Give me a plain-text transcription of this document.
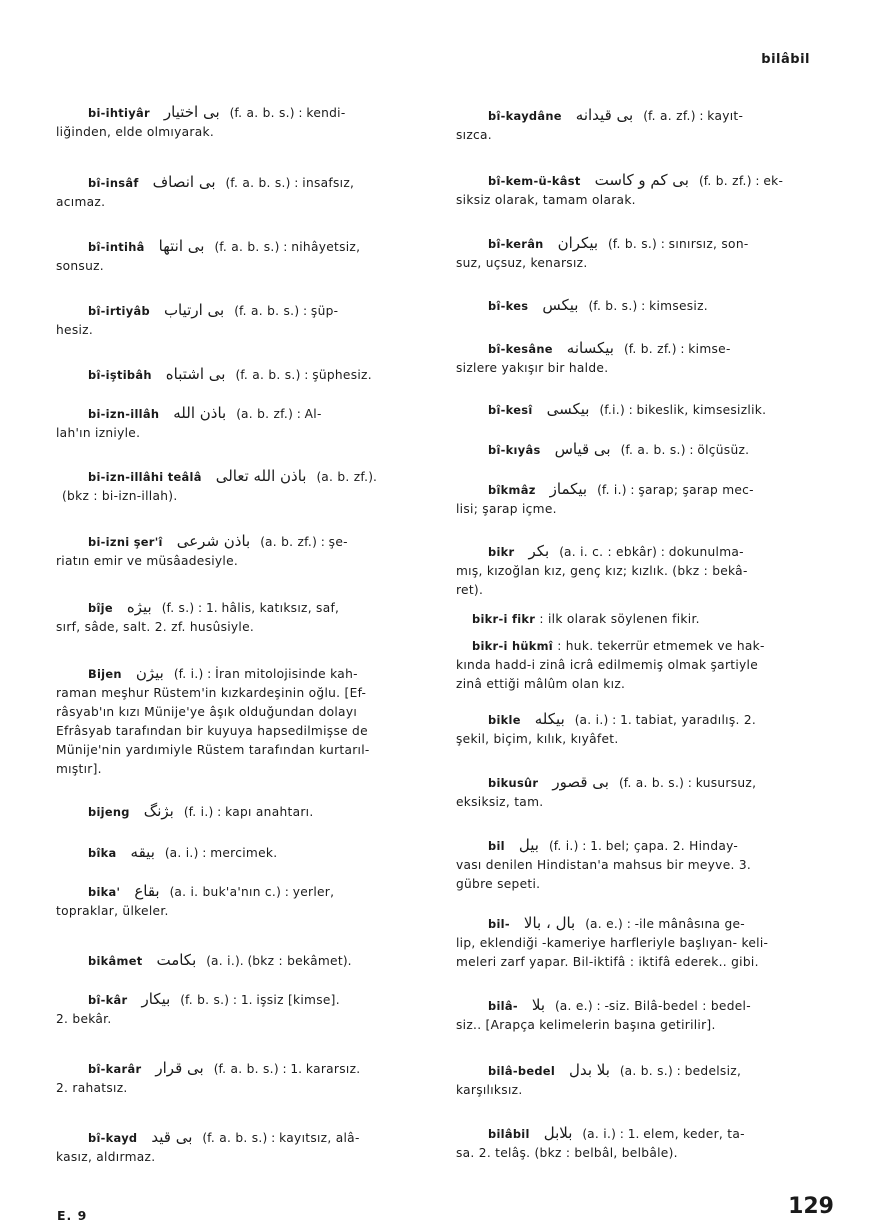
bilâbil

bi-ihtiyâr بی اختیار (f. a. b. s.) : kendi-

liğinden, elde olmıyarak.

bî-insâf بی انصاف (f. a. b. s.) : insafsız,

acımaz.

bî-intihâ بی انتها (f. a. b. s.) : nihâyetsiz,

sonsuz.

bî-irtiyâb بی ارتیاب (f. a. b. s.) : şüp-

hesiz.

bî-iştibâh بی اشتباه (f. a. b. s.) : şüphesiz.

bi-izn-illâh باذن الله (a. b. zf.) : Al-

lah'ın izniyle.

bi-izn-illâhi teâlâ باذن الله تعالی (a. b. zf.).

(bkz : bi-izn-illah).

bi-izni şer'î باذن شرعی (a. b. zf.) : şe-

riatın emir ve müsâadesiyle.

bîje بیژه (f. s.) : 1. hâlis, katıksız, saf,

sırf, sâde, salt. 2. zf. husûsiyle.

Bijen بیژن (f. i.) : İran mitolojisinde kah-

raman meşhur Rüstem'in kızkardeşinin oğlu. [Ef-

râsyab'ın kızı Münije'ye âşık olduğundan dolayı

Efrâsyab tarafından bir kuyuya hapsedilmişse de

Münije'nin yardımiyle Rüstem tarafından kurtarıl-

mıştır].

bijeng بژنگ (f. i.) : kapı anahtarı.

bîka بیقه (a. i.) : mercimek.

bika' بقاع (a. i. buk'a'nın c.) : yerler,

topraklar, ülkeler.

bikâmet بکامت (a. i.). (bkz : bekâmet).

bî-kâr بیکار (f. b. s.) : 1. işsiz [kimse].

2. bekâr.

bî-karâr بی قرار (f. a. b. s.) : 1. kararsız.

2. rahatsız.

bî-kayd بی قید (f. a. b. s.) : kayıtsız, alâ-

kasız, aldırmaz.

bî-kaydâne بی قیدانه (f. a. zf.) : kayıt-

sızca.

bî-kem-ü-kâst بی کم و کاست (f. b. zf.) : ek-

siksiz olarak, tamam olarak.

bî-kerân بیکران (f. b. s.) : sınırsız, son-

suz, uçsuz, kenarsız.

bî-kes بیکس (f. b. s.) : kimsesiz.

bî-kesâne بیکسانه (f. b. zf.) : kimse-

sizlere yakışır bir halde.

bî-kesî بیکسی (f.i.) : bikeslik, kimsesizlik.

bî-kıyâs بی قیاس (f. a. b. s.) : ölçüsüz.

bîkmâz بیکماز (f. i.) : şarap; şarap mec-

lisi; şarap içme.

bikr بکر (a. i. c. : ebkâr) : dokunulma-

mış, kızoğlan kız, genç kız; kızlık. (bkz : bekâ-

ret).

bikr-i fikr : ilk olarak söylenen fikir.

bikr-i hükmî : huk. tekerrür etmemek ve hak-

kında hadd-i zinâ icrâ edilmemiş olmak şartiyle

zinâ ettiği mâlûm olan kız.

bikle بیکله (a. i.) : 1. tabiat, yaradılış. 2.

şekil, biçim, kılık, kıyâfet.

bikusûr بی قصور (f. a. b. s.) : kusursuz,

eksiksiz, tam.

bil بیل (f. i.) : 1. bel; çapa. 2. Hinday-

vası denilen Hindistan'a mahsus bir meyve. 3.

gübre sepeti.

bil- بال ، بالا (a. e.) : -ile mânâsına ge-

lip, eklendiği -kameriye harfleriyle başlıyan- keli-

meleri zarf yapar. Bil-iktifâ : iktifâ ederek.. gibi.

bilâ- بلا (a. e.) : -siz. Bilâ-bedel : bedel-

siz.. [Arapça kelimelerin başına getirilir].

bilâ-bedel بلا بدل (a. b. s.) : bedelsiz,

karşılıksız.

bilâbil بلابل (a. i.) : 1. elem, keder, ta-

sa. 2. telâş. (bkz : belbâl, belbâle).

E. 9	129
